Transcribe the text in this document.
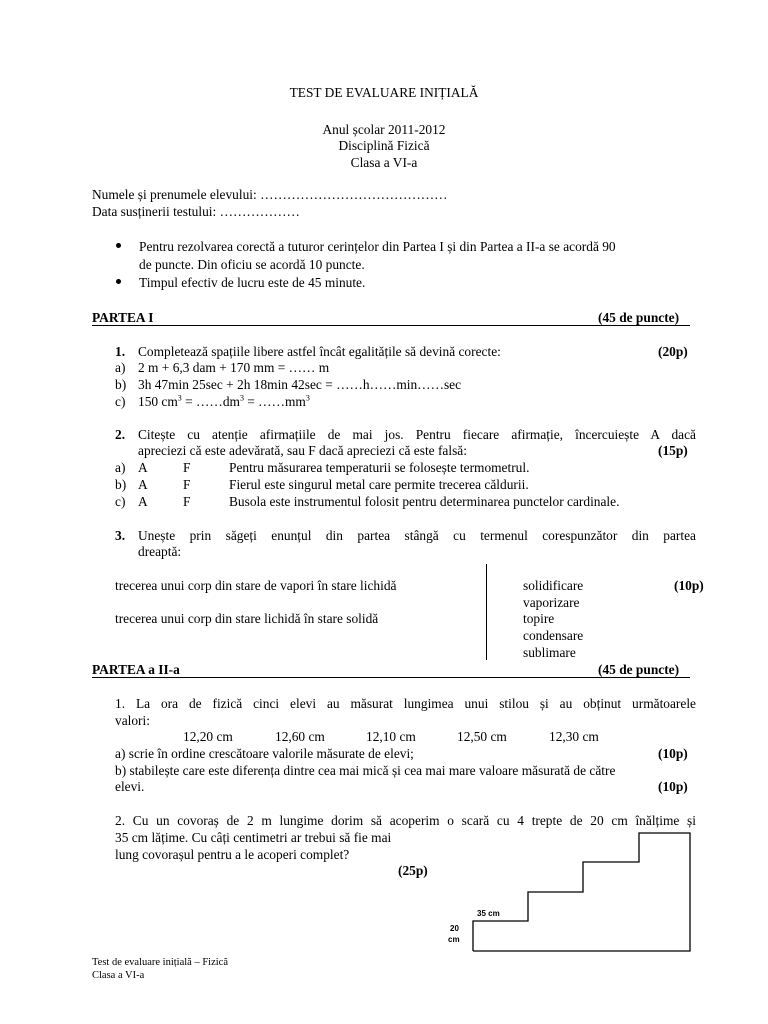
TEST DE EVALUARE INIȚIALĂ
Anul școlar 2011-2012
Disciplină Fizică
Clasa a VI-a
Numele și prenumele elevului: ……………………………………
Data susținerii testului: ………………
Pentru rezolvarea corectă a tuturor cerințelor din Partea I și din Partea a II-a se acordă 90
de puncte. Din oficiu se acordă 10 puncte.
Timpul efectiv de lucru este de 45 minute.
PARTEA I	(45 de puncte)
1. Completează spațiile libere astfel încât egalitățile să devină corecte:	(20p)
a) 2 m + 6,3 dam + 170 mm = …… m
b) 3h 47min 25sec + 2h 18min 42sec = ……h……min……sec
c) 150 $cm^3$ = $\dots\dots dm^3$ = $\dots\dots mm^3$
2. Citește cu atenție afirmațiile de mai jos. Pentru fiecare afirmație, încercuiește A dacă
apreciezi că este adevărată, sau F dacă apreciezi că este falsă:	(15p)
a) A	F	Pentru măsurarea temperaturii se folosește termometrul.
b) A	F	Fierul este singurul metal care permite trecerea căldurii.
c) A	F	Busola este instrumentul folosit pentru determinarea punctelor cardinale.
3. Unește prin săgeți enunțul din partea stângă cu termenul corespunzător din partea
dreaptă:
trecerea unui corp din stare de vapori în stare lichidă
trecerea unui corp din stare lichidă în stare solidă
solidificare
vaporizare
topire
condensare
sublimare
(10p)
PARTEA a II-a	(45 de puncte)
1. La ora de fizică cinci elevi au măsurat lungimea unui stilou și au obținut următoarele
valori:
12,20 cm	12,60 cm	12,10 cm	12,50 cm	12,30 cm
a) scrie în ordine crescătoare valorile măsurate de elevi;	(10p)
b) stabilește care este diferența dintre cea mai mică și cea mai mare valoare măsurată de către
elevi.	(10p)
2. Cu un covoraș de 2 m lungime dorim să acoperim o scară cu 4 trepte de 20 cm înălțime și
35 cm lățime. Cu câți centimetri ar trebui să fie mai
lung covorașul pentru a le acoperi complet?
(25p)
35 cm
20
cm
Test de evaluare inițială – Fizică
Clasa a VI-a
